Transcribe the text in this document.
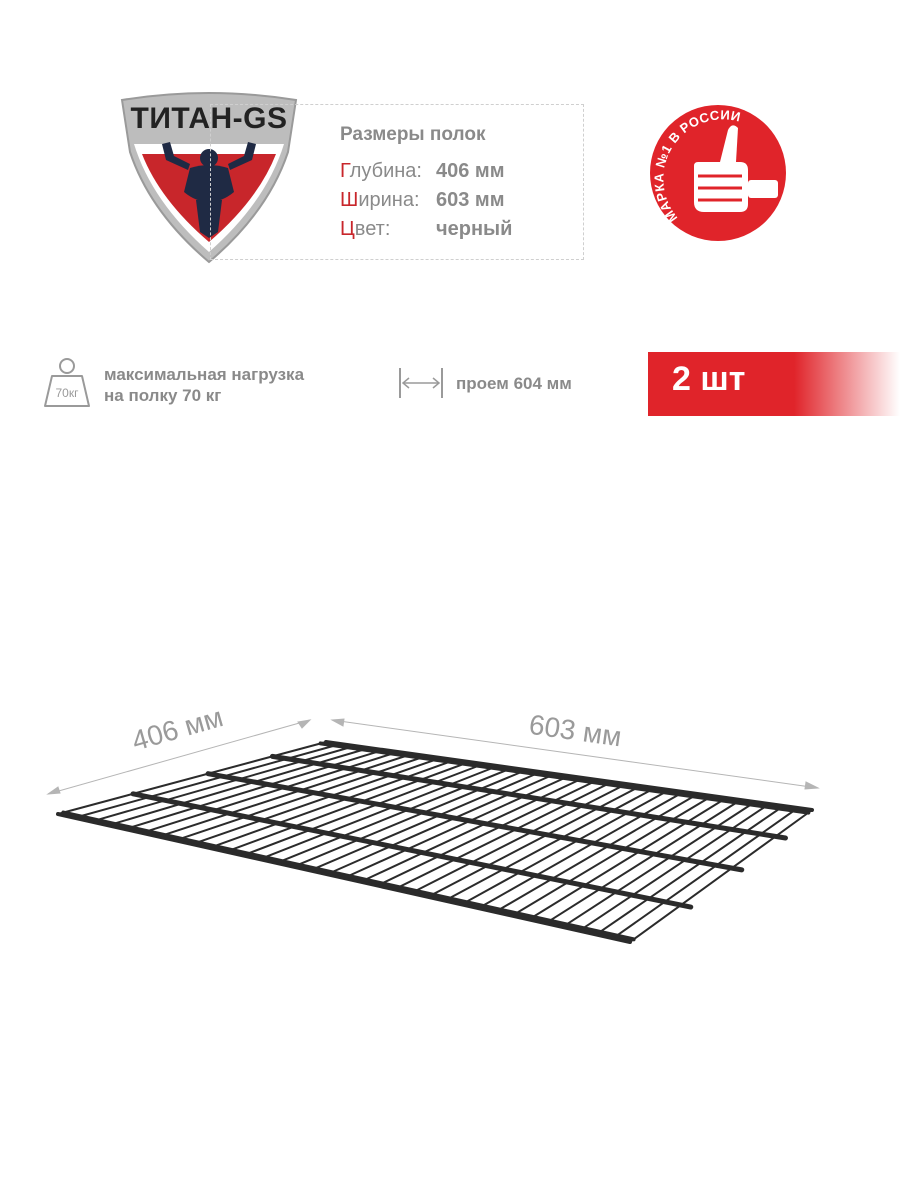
ТИТАН-GS	Размеры полок
Глубина: 406 мм
Ширина: 603 мм
Цвет: черный
МАРКА №1 В РОССИИ
70кг
максимальная нагрузка
на полку 70 кг
проем 604 мм	2 шт
406 мм	603 мм
